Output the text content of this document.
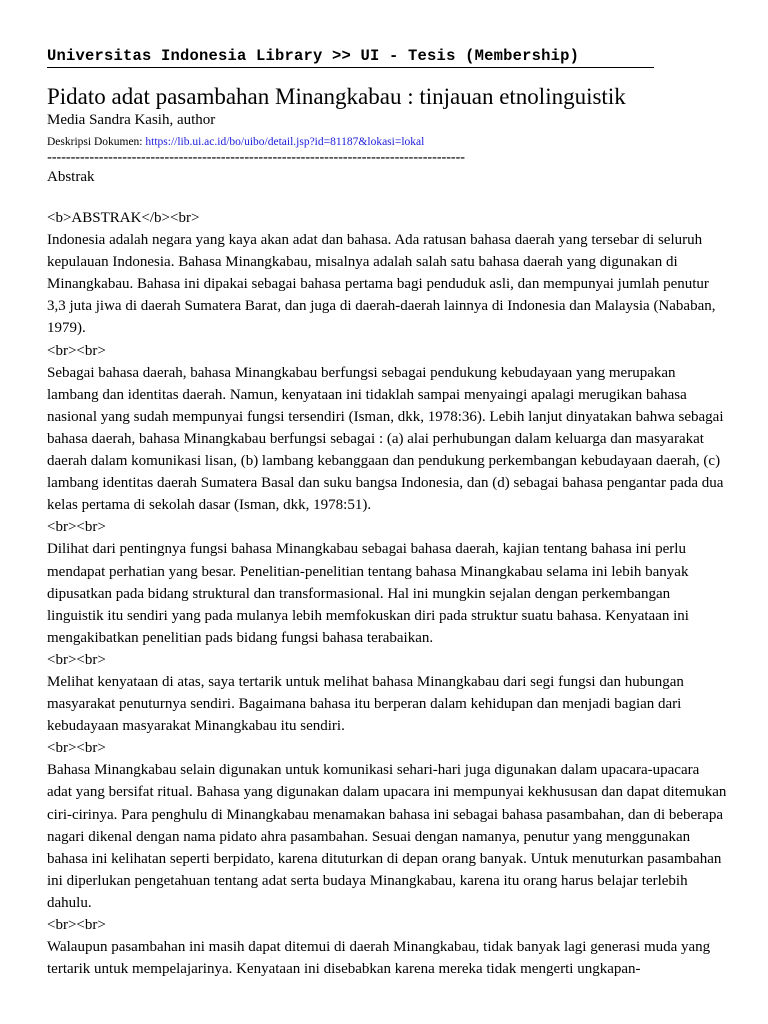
Universitas Indonesia Library >> UI - Tesis (Membership)
Pidato adat pasambahan Minangkabau : tinjauan etnolinguistik
Media Sandra Kasih, author
Deskripsi Dokumen: https://lib.ui.ac.id/bo/uibo/detail.jsp?id=81187&lokasi=lokal
-----------------------------------------------------------------------------------------
Abstrak

<b>ABSTRAK</b><br>

Indonesia adalah negara yang kaya akan adat dan bahasa. Ada ratusan bahasa daerah yang tersebar di seluruh kepulauan Indonesia. Bahasa Minangkabau, misalnya adalah salah satu bahasa daerah yang digunakan di Minangkabau. Bahasa ini dipakai sebagai bahasa pertama bagi penduduk asli, dan mempunyai jumlah penutur 3,3 juta jiwa di daerah Sumatera Barat, dan juga di daerah-daerah lainnya di Indonesia dan Malaysia (Nababan, 1979).

<br><br>

Sebagai bahasa daerah, bahasa Minangkabau berfungsi sebagai pendukung kebudayaan yang merupakan lambang dan identitas daerah. Namun, kenyataan ini tidaklah sampai menyaingi apalagi merugikan bahasa nasional yang sudah mempunyai fungsi tersendiri (Isman, dkk, 1978:36). Lebih lanjut dinyatakan bahwa sebagai bahasa daerah, bahasa Minangkabau berfungsi sebagai : (a) alai perhubungan dalam keluarga dan masyarakat daerah dalam komunikasi lisan, (b) lambang kebanggaan dan pendukung perkembangan kebudayaan daerah, (c) lambang identitas daerah Sumatera Basal dan suku bangsa Indonesia, dan (d) sebagai bahasa pengantar pada dua kelas pertama di sekolah dasar (Isman, dkk, 1978:51).

<br><br>

Dilihat dari pentingnya fungsi bahasa Minangkabau sebagai bahasa daerah, kajian tentang bahasa ini perlu mendapat perhatian yang besar. Penelitian-penelitian tentang bahasa Minangkabau selama ini lebih banyak dipusatkan pada bidang struktural dan transformasional. Hal ini mungkin sejalan dengan perkembangan linguistik itu sendiri yang pada mulanya lebih memfokuskan diri pada struktur suatu bahasa. Kenyataan ini mengakibatkan penelitian pads bidang fungsi bahasa terabaikan.

<br><br>

Melihat kenyataan di atas, saya tertarik untuk melihat bahasa Minangkabau dari segi fungsi dan hubungan masyarakat penuturnya sendiri. Bagaimana bahasa itu berperan dalam kehidupan dan menjadi bagian dari kebudayaan masyarakat Minangkabau itu sendiri.

<br><br>

Bahasa Minangkabau selain digunakan untuk komunikasi sehari-hari juga digunakan dalam upacara-upacara adat yang bersifat ritual. Bahasa yang digunakan dalam upacara ini mempunyai kekhususan dan dapat ditemukan ciri-cirinya. Para penghulu di Minangkabau menamakan bahasa ini sebagai bahasa pasambahan, dan di beberapa nagari dikenal dengan nama pidato ahra pasambahan. Sesuai dengan namanya, penutur yang menggunakan bahasa ini kelihatan seperti berpidato, karena dituturkan di depan orang banyak. Untuk menuturkan pasambahan ini diperlukan pengetahuan tentang adat serta budaya Minangkabau, karena itu orang harus belajar terlebih dahulu.

<br><br>

Walaupun pasambahan ini masih dapat ditemui di daerah Minangkabau, tidak banyak lagi generasi muda yang tertarik untuk mempelajarinya. Kenyataan ini disebabkan karena mereka tidak mengerti ungkapan-
